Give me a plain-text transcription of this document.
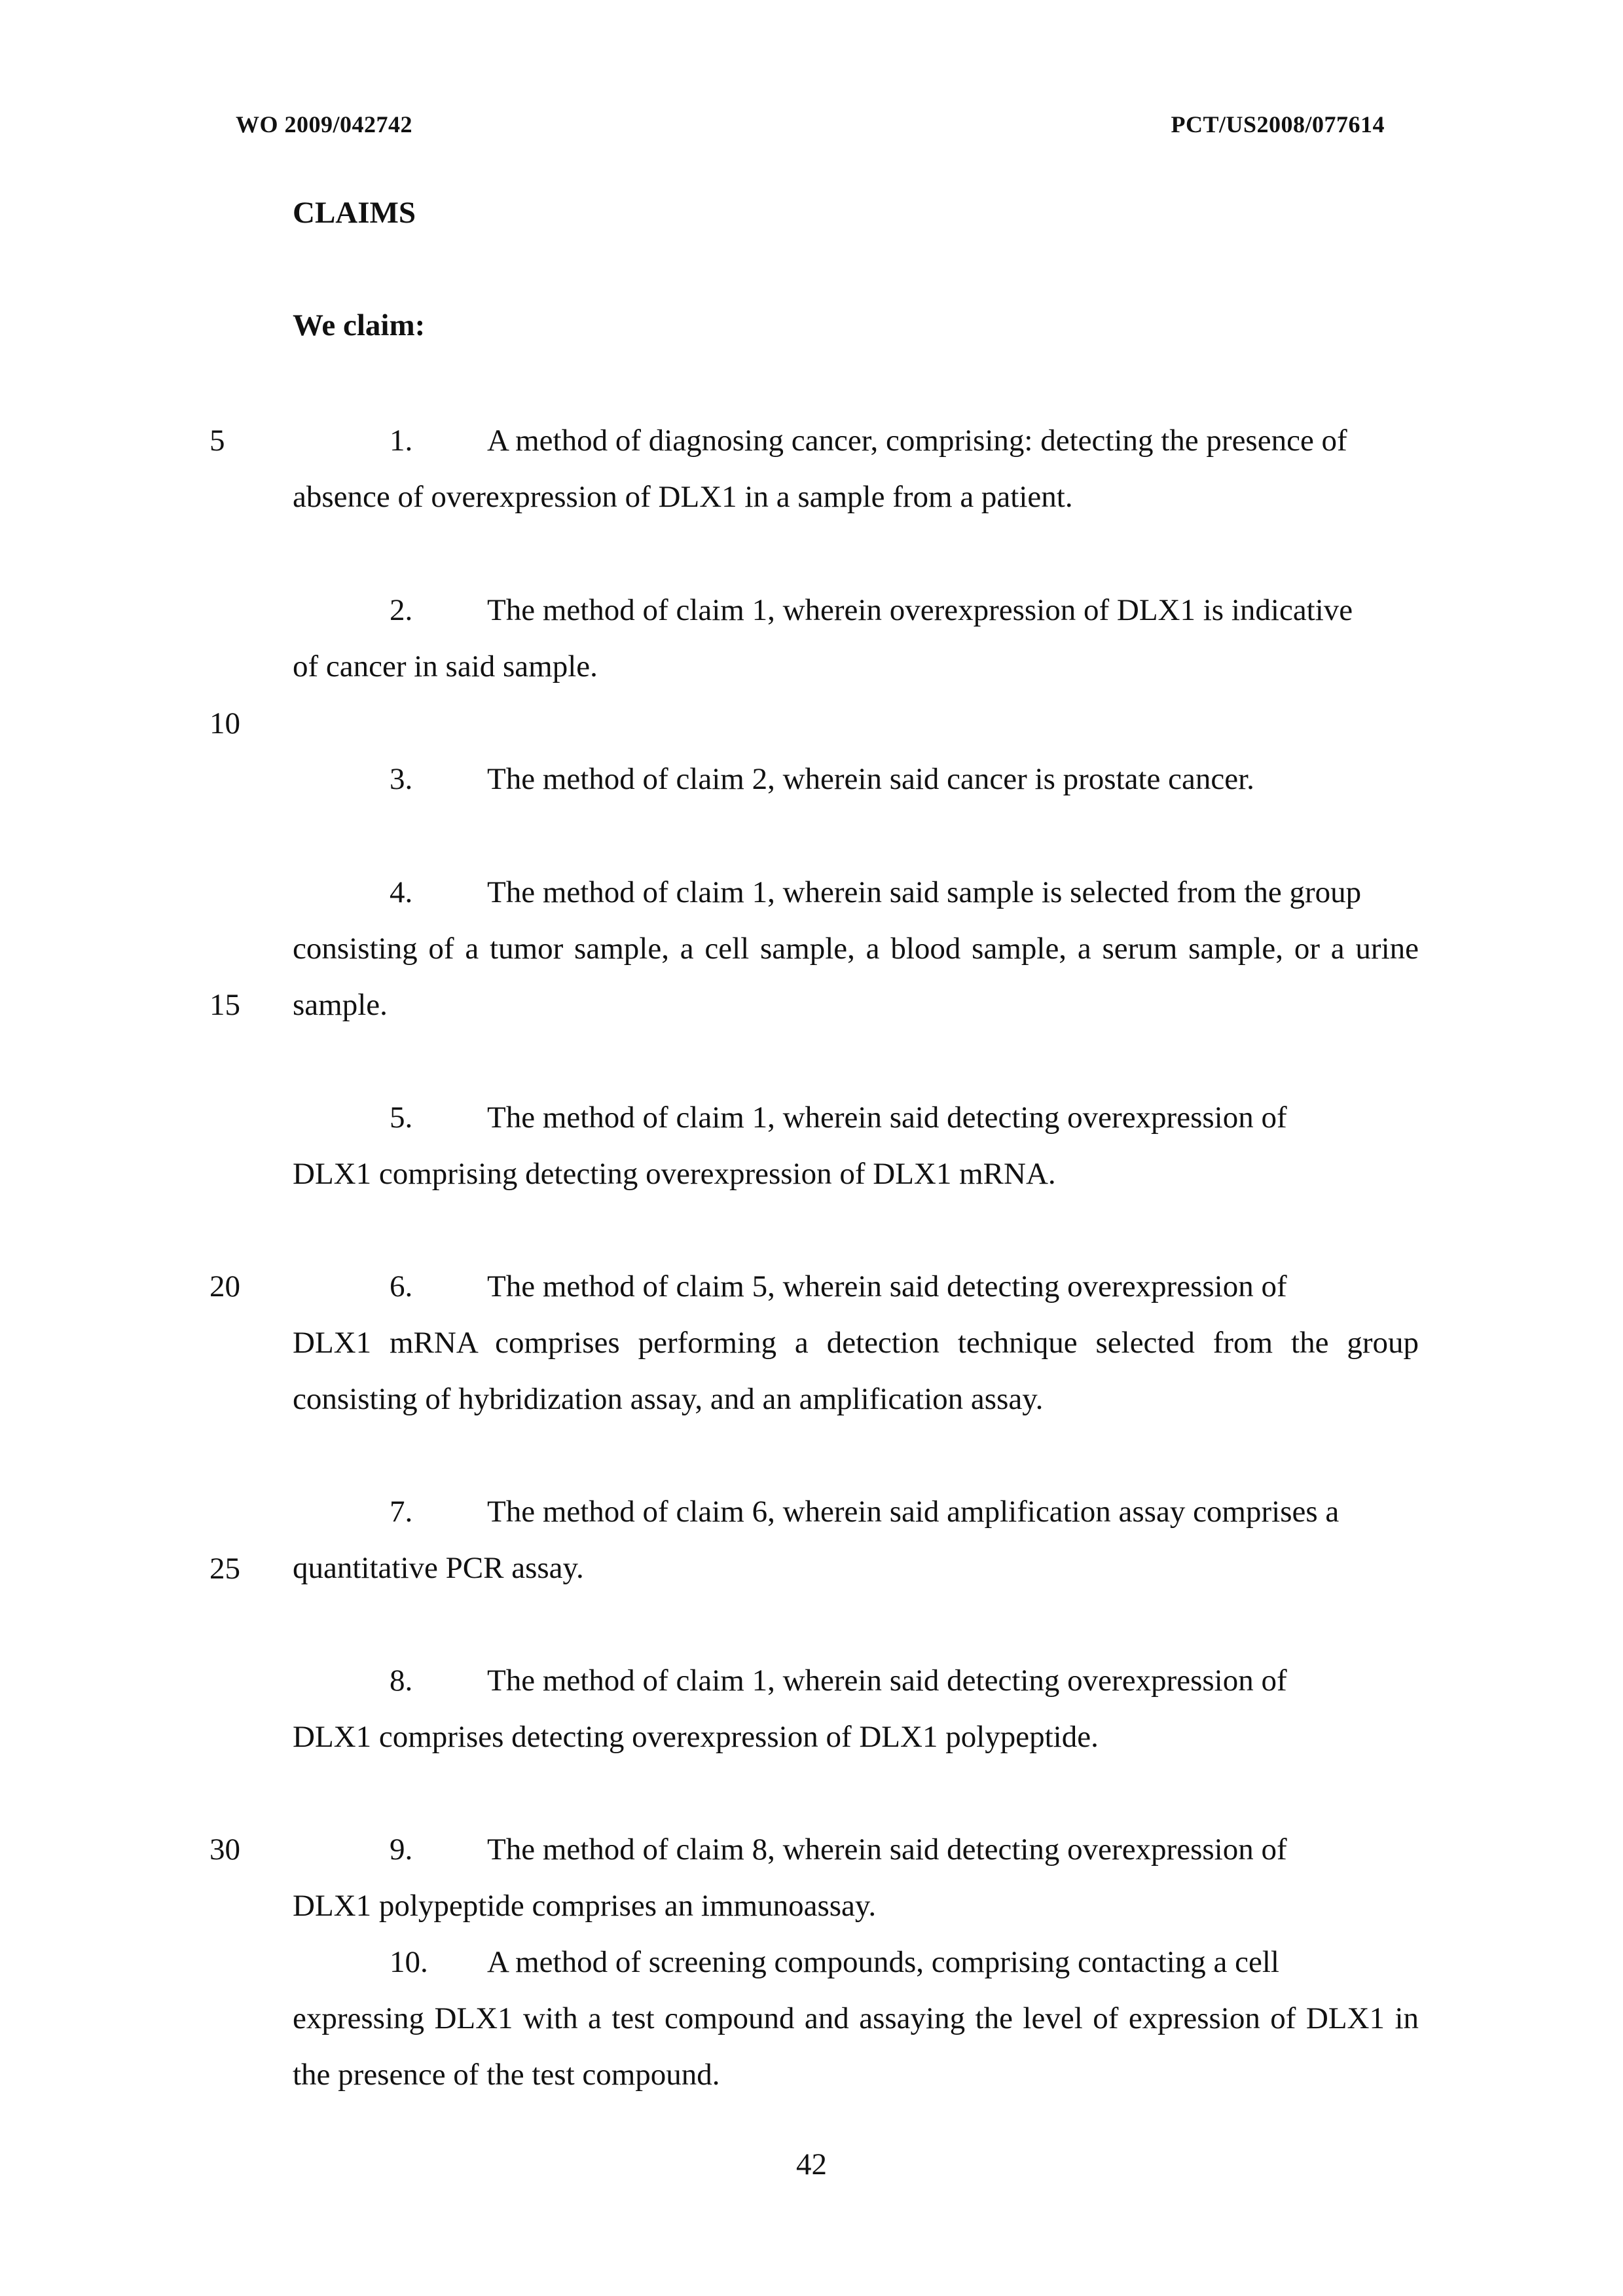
WO 2009/042742	PCT/US2008/077614
CLAIMS
We claim:
5
10
15
20
25
30
1. A method of diagnosing cancer, comprising: detecting the presence of
absence of overexpression of DLX1 in a sample from a patient.
2. The method of claim 1, wherein overexpression of DLX1 is indicative
of cancer in said sample.
3. The method of claim 2, wherein said cancer is prostate cancer.
4. The method of claim 1, wherein said sample is selected from the group
consisting of a tumor sample, a cell sample, a blood sample, a serum sample, or a urine sample.
5. The method of claim 1, wherein said detecting overexpression of
DLX1 comprising detecting overexpression of DLX1 mRNA.
6. The method of claim 5, wherein said detecting overexpression of
DLX1 mRNA comprises performing a detection technique selected from the group consisting of hybridization assay, and an amplification assay.
7. The method of claim 6, wherein said amplification assay comprises a
quantitative PCR assay.
8. The method of claim 1, wherein said detecting overexpression of
DLX1 comprises detecting overexpression of DLX1 polypeptide.
9. The method of claim 8, wherein said detecting overexpression of
DLX1 polypeptide comprises an immunoassay.
10. A method of screening compounds, comprising contacting a cell
expressing DLX1 with a test compound and assaying the level of expression of DLX1 in the presence of the test compound.
42
